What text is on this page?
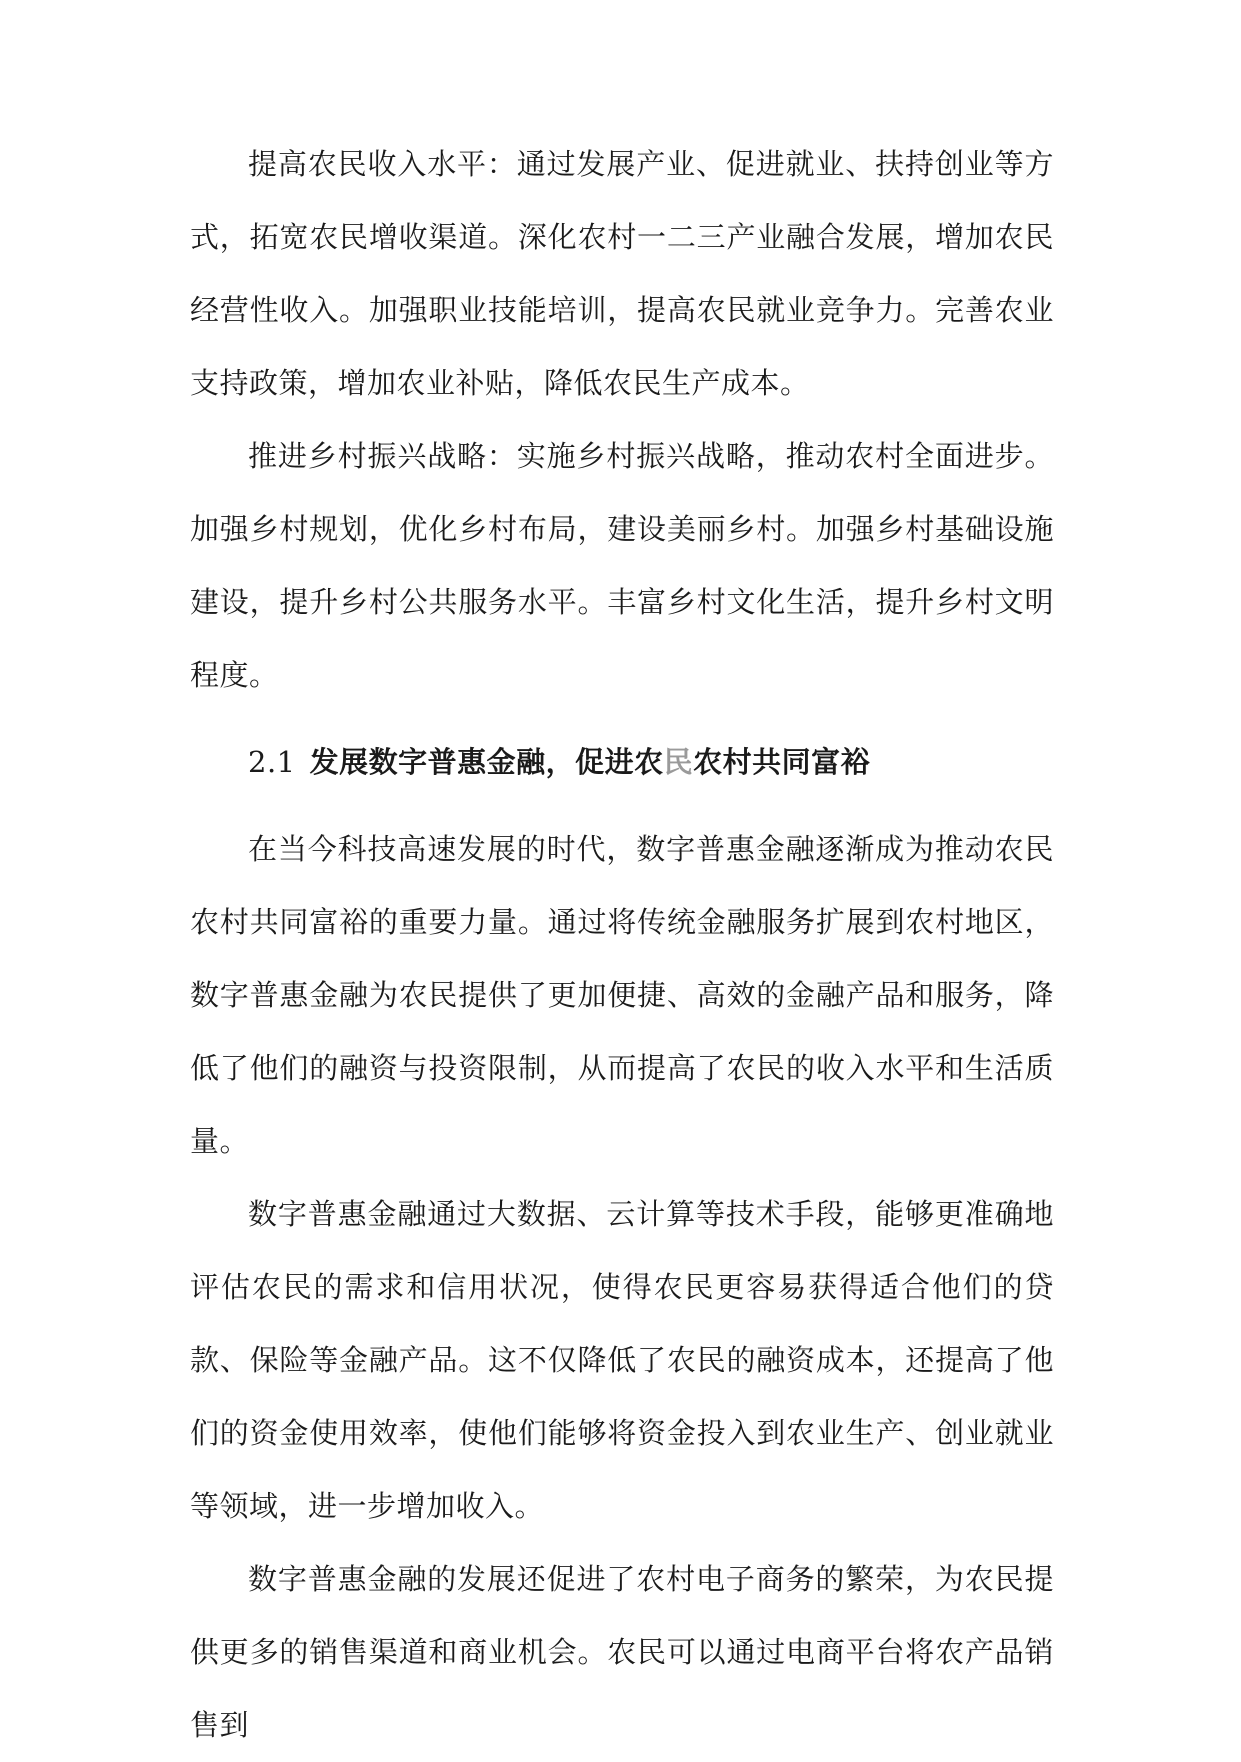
提高农民收入水平：通过发展产业、促进就业、扶持创业等方式，拓宽农民增收渠道。深化农村一二三产业融合发展，增加农民经营性收入。加强职业技能培训，提高农民就业竞争力。完善农业支持政策，增加农业补贴，降低农民生产成本。

推进乡村振兴战略：实施乡村振兴战略，推动农村全面进步。加强乡村规划，优化乡村布局，建设美丽乡村。加强乡村基础设施建设，提升乡村公共服务水平。丰富乡村文化生活，提升乡村文明程度。

2.1 发展数字普惠金融，促进农民农村共同富裕

在当今科技高速发展的时代，数字普惠金融逐渐成为推动农民农村共同富裕的重要力量。通过将传统金融服务扩展到农村地区，数字普惠金融为农民提供了更加便捷、高效的金融产品和服务，降低了他们的融资与投资限制，从而提高了农民的收入水平和生活质量。

数字普惠金融通过大数据、云计算等技术手段，能够更准确地评估农民的需求和信用状况，使得农民更容易获得适合他们的贷款、保险等金融产品。这不仅降低了农民的融资成本，还提高了他们的资金使用效率，使他们能够将资金投入到农业生产、创业就业等领域，进一步增加收入。

数字普惠金融的发展还促进了农村电子商务的繁荣，为农民提供更多的销售渠道和商业机会。农民可以通过电商平台将农产品销售到
